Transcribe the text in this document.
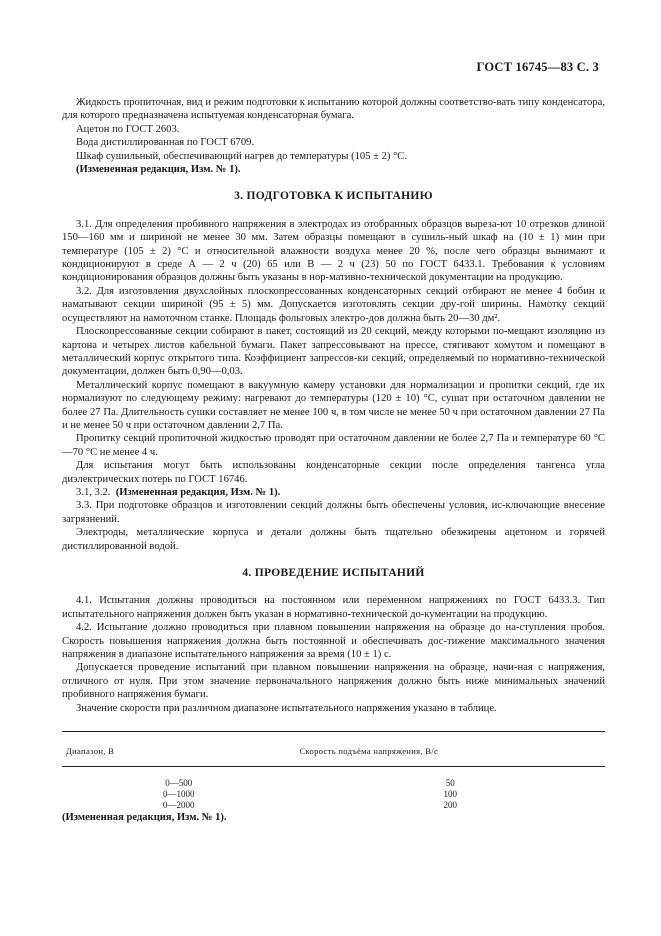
ГОСТ 16745—83 С. 3

Жидкость пропиточная, вид и режим подготовки к испытанию которой должны соответство-вать типу конденсатора, для которого предназначена испытуемая конденсаторная бумага.

Ацетон по ГОСТ 2603.

Вода дистиллированная по ГОСТ 6709.

Шкаф сушильный, обеспечивающий нагрев до температуры (105 ± 2) °С.

(Измененная редакция, Изм. № 1).

3. ПОДГОТОВКА К ИСПЫТАНИЮ

3.1. Для определения пробивного напряжения в электродах из отобранных образцов выреза-ют 10 отрезков длиной 150—160 мм и шириной не менее 30 мм. Затем образцы помещают в сушиль-ный шкаф на (10 ± 1) мин при температуре (105 ± 2) °С и относительной влажности воздуха менее 20 %, после чего образцы вынимают и кондиционируют в среде А — 2 ч (20) 65 или В — 2 ч (23) 50 по ГОСТ 6433.1. Требования к условиям кондиционирования образцов должны быть указаны в нор-мативно-технической документации на продукцию.

3.2. Для изготовления двухслойных плоскопрессованных конденсаторных секций отбирают не менее 4 бобин и наматывают секции шириной (95 ± 5) мм. Допускается изготовлять секции дру-гой ширины. Намотку секций осуществляют на намоточном станке. Площадь фольговых электро-дов должна быть 20—30 дм².

Плоскопрессованные секции собирают в пакет, состоящий из 20 секций, между которыми по-мещают изоляцию из картона и четырех листов кабельной бумаги. Пакет запрессовывают на прессе, стягивают хомутом и помещают в металлический корпус открытого типа. Коэффициент запрессов-ки секций, определяемый по нормативно-технической документации, должен быть 0,90—0,03.

Металлический корпус помещают в вакуумную камеру установки для нормализации и пропитки секций, где их нормализуют по следующему режиму: нагревают до температуры (120 ± 10) °С, сушат при остаточном давлении не более 27 Па. Длительность сушки составляет не менее 100 ч, в том числе не менее 50 ч при остаточном давлении 27 Па и не менее 50 ч при остаточном давлении 2,7 Па.

Пропитку секций пропиточной жидкостью проводят при остаточном давлении не более 2,7 Па и температуре 60 °С—70 °С не менее 4 ч.

Для испытания могут быть использованы конденсаторные секции после определения тангенса угла диэлектрических потерь по ГОСТ 16746.

3.1, 3.2. (Измененная редакция, Изм. № 1).

3.3. При подготовке образцов и изготовлении секций должны быть обеспечены условия, ис-ключающие внесение загрязнений.

Электроды, металлические корпуса и детали должны быть тщательно обезжирены ацетоном и горячей дистиллированной водой.

4. ПРОВЕДЕНИЕ ИСПЫТАНИЙ

4.1. Испытания должны проводиться на постоянном или переменном напряжениях по ГОСТ 6433.3. Тип испытательного напряжения должен быть указан в нормативно-технической до-кументации на продукцию.

4.2. Испытание должно проводиться при плавном повышении напряжения на образце до на-ступления пробоя. Скорость повышения напряжения должна быть постоянной и обеспечивать дос-тижение максимального значения напряжения в диапазоне испытательного напряжения за время (10 ± 1) с.

Допускается проведение испытаний при плавном повышении напряжения на образце, начи-ная с напряжения, отличного от нуля. При этом значение первоначального напряжения должно быть ниже минимальных значений пробивного напряжения бумаги.

Значение скорости при различном диапазоне испытательного напряжения указано в таблице.

Диапазон, В	Скорость подъёма напряжения, В/с
0—500	50
0—1000	100
0—2000	200

(Измененная редакция, Изм. № 1).
